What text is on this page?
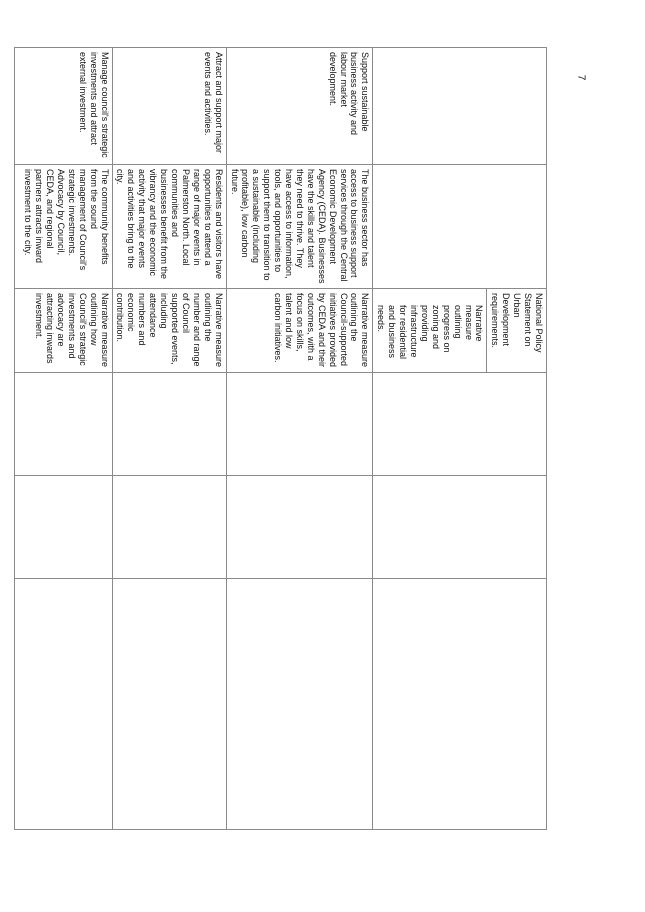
7

		National Policy Statement on Urban Development requirements.
Narrative measure outlining progress on zoning and providing infrastructure for residential and business needs.			

Support sustainable business activity and labour market development.	The business sector has access to business support services through the Central Economic Development Agency (CEDA). Businesses have the skills and talent they need to thrive. They have access to information, tools, and opportunities to support them to transition to a sustainable (including profitable), low carbon future.	Narrative measure outlining the Council-supported initiatives provided by CEDA and their outcomes, with a focus on skills, talent and low carbon initiatives.			
Attract and support major events and activities.	Residents and visitors have opportunities to attend a range of major events in Palmerston North. Local communities and businesses benefit from the vibrancy and the economic activity that major events and activities bring to the city.	Narrative measure outlining the number and range of Council supported events, including attendance numbers and economic contribution.			
Manage council's strategic investments and attract external investment.	The community benefits from the sound management of Council's strategic investments. Advocacy by Council, CEDA, and regional partners attracts inward investment to the city.	Narrative measure outlining how Council's strategic investments and advocacy are attracting inwards investment.			
